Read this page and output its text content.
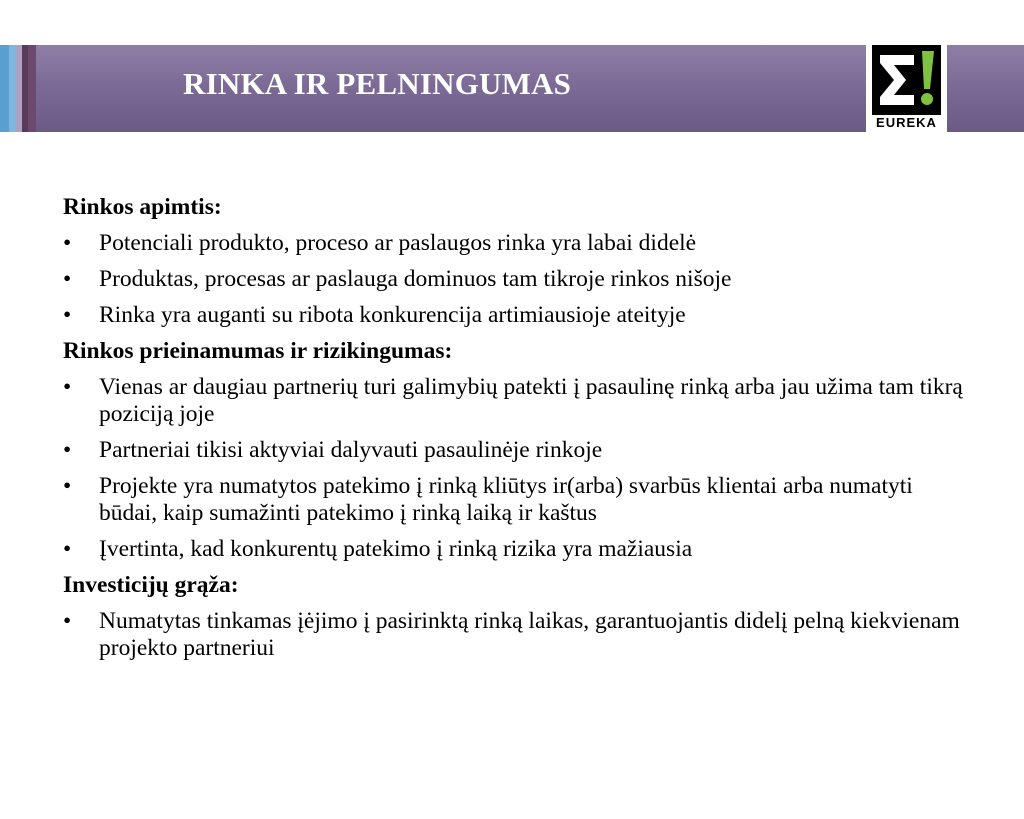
RINKA IR PELNINGUMAS
EUREKA
Rinkos apimtis:
• Potenciali produkto, proceso ar paslaugos rinka yra labai didelė
• Produktas, procesas ar paslauga dominuos tam tikroje rinkos nišoje
• Rinka yra auganti su ribota konkurencija artimiausioje ateityje
Rinkos prieinamumas ir rizikingumas:
• Vienas ar daugiau partnerių turi galimybių patekti į pasaulinę rinką arba jau užima tam tikrą poziciją joje
• Partneriai tikisi aktyviai dalyvauti pasaulinėje rinkoje
• Projekte yra numatytos patekimo į rinką kliūtys ir(arba) svarbūs klientai arba numatyti būdai, kaip sumažinti patekimo į rinką laiką ir kaštus
• Įvertinta, kad konkurentų patekimo į rinką rizika yra mažiausia
Investicijų grąža:
• Numatytas tinkamas įėjimo į pasirinktą rinką laikas, garantuojantis didelį pelną kiekvienam projekto partneriui
